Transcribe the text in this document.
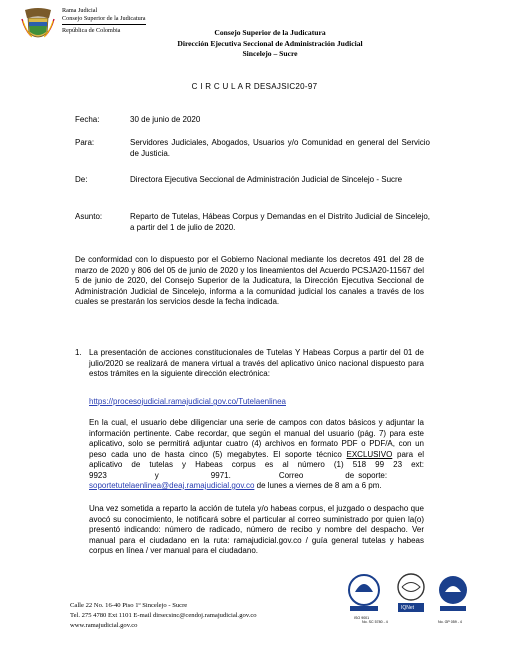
Rama Judicial
Consejo Superior de la Judicatura
República de Colombia	Consejo Superior de la Judicatura
Dirección Ejecutiva Seccional de Administración Judicial
Sincelejo – Sucre
C I R C U L A R DESAJSIC20-97
Fecha:	30 de junio de 2020
Para:	Servidores Judiciales, Abogados, Usuarios y/o Comunidad en general del Servicio de Justicia.
De:	Directora Ejecutiva Seccional de Administración Judicial de Sincelejo - Sucre
Asunto:	Reparto de Tutelas, Hábeas Corpus y Demandas en el Distrito Judicial de Sincelejo, a partir del 1 de julio de 2020.
De conformidad con lo dispuesto por el Gobierno Nacional mediante los decretos 491 del 28 de marzo de 2020 y 806 del 05 de junio de 2020 y los lineamientos del Acuerdo PCSJA20-11567 del 5 de junio de 2020, del Consejo Superior de la Judicatura, la Dirección Ejecutiva Seccional de Administración Judicial de Sincelejo, informa a la comunidad judicial los canales a través de los cuales se prestarán los servicios desde la fecha indicada.
1. La presentación de acciones constitucionales de Tutelas Y Habeas Corpus a partir del 01 de julio/2020 se realizará de manera virtual a través del aplicativo único nacional dispuesto para estos trámites en la siguiente dirección electrónica:
https://procesojudicial.ramajudicial.gov.co/Tutelaenlinea
En la cual, el usuario debe diligenciar una serie de campos con datos básicos y adjuntar la información pertinente. Cabe recordar, que según el manual del usuario (pág. 7) para este aplicativo, solo se permitirá adjuntar cuatro (4) archivos en formato PDF o PDF/A, con un peso cada uno de hasta cinco (5) megabytes. El soporte técnico EXCLUSIVO para el aplicativo de tutelas y Habeas corpus es al número (1) 518 99 23 ext: 9923	y	9971.	Correo	de soporte:
soportetutelaenlinea@deaj.ramajudicial.gov.co de lunes a viernes de 8 am a 6 pm.
Una vez sometida a reparto la acción de tutela y/o habeas corpus, el juzgado o despacho que avocó su conocimiento, le notificará sobre el particular al correo suministrado por quien la(o) presentó indicando: número de radicado, número de recibo y nombre del despacho. Ver manual para el ciudadano en la ruta: ramajudicial.gov.co / guía general tutelas y habeas corpus en línea / ver manual para el ciudadano.
Calle 22 No. 16-40 Piso 1º Sincelejo - Sucre
Tel. 275 4780 Ext 1101 E-mail dirsecsinc@cendoj.ramajudicial.gov.co
www.ramajudicial.gov.co
ISO 9001
IQNet
No. SC 5780 - 4	No. GP 059 - 4
